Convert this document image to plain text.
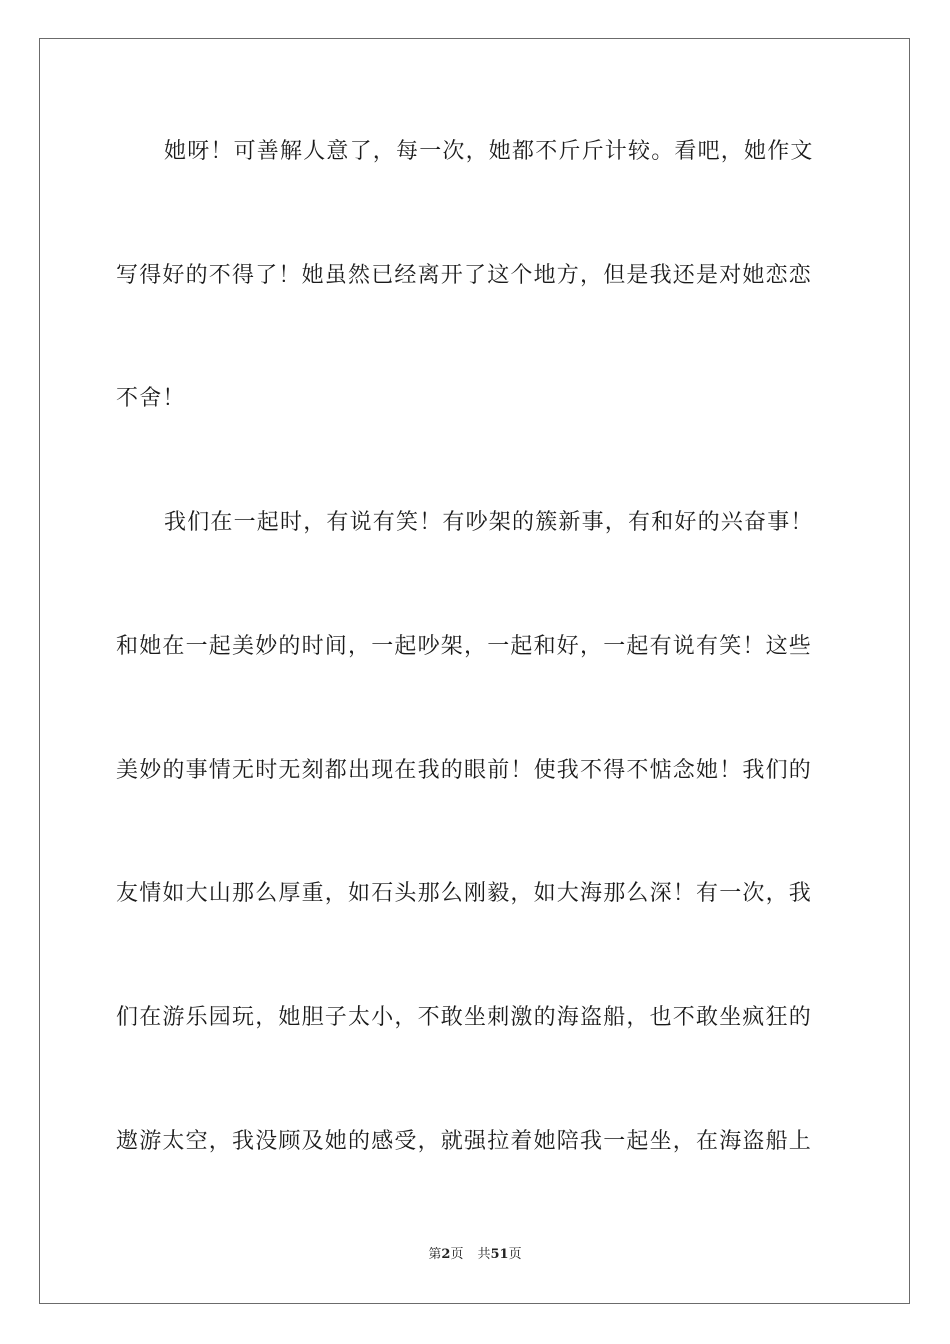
她呀！可善解人意了，每一次，她都不斤斤计较。看吧，她作文
写得好的不得了！她虽然已经离开了这个地方，但是我还是对她恋恋
不舍！
我们在一起时，有说有笑！有吵架的簇新事，有和好的兴奋事！
和她在一起美妙的时间，一起吵架，一起和好，一起有说有笑！这些
美妙的事情无时无刻都出现在我的眼前！使我不得不惦念她！我们的
友情如大山那么厚重，如石头那么刚毅，如大海那么深！有一次，我
们在游乐园玩，她胆子太小，不敢坐刺激的海盗船，也不敢坐疯狂的
遨游太空，我没顾及她的感受，就强拉着她陪我一起坐，在海盗船上
第2页 共51页
